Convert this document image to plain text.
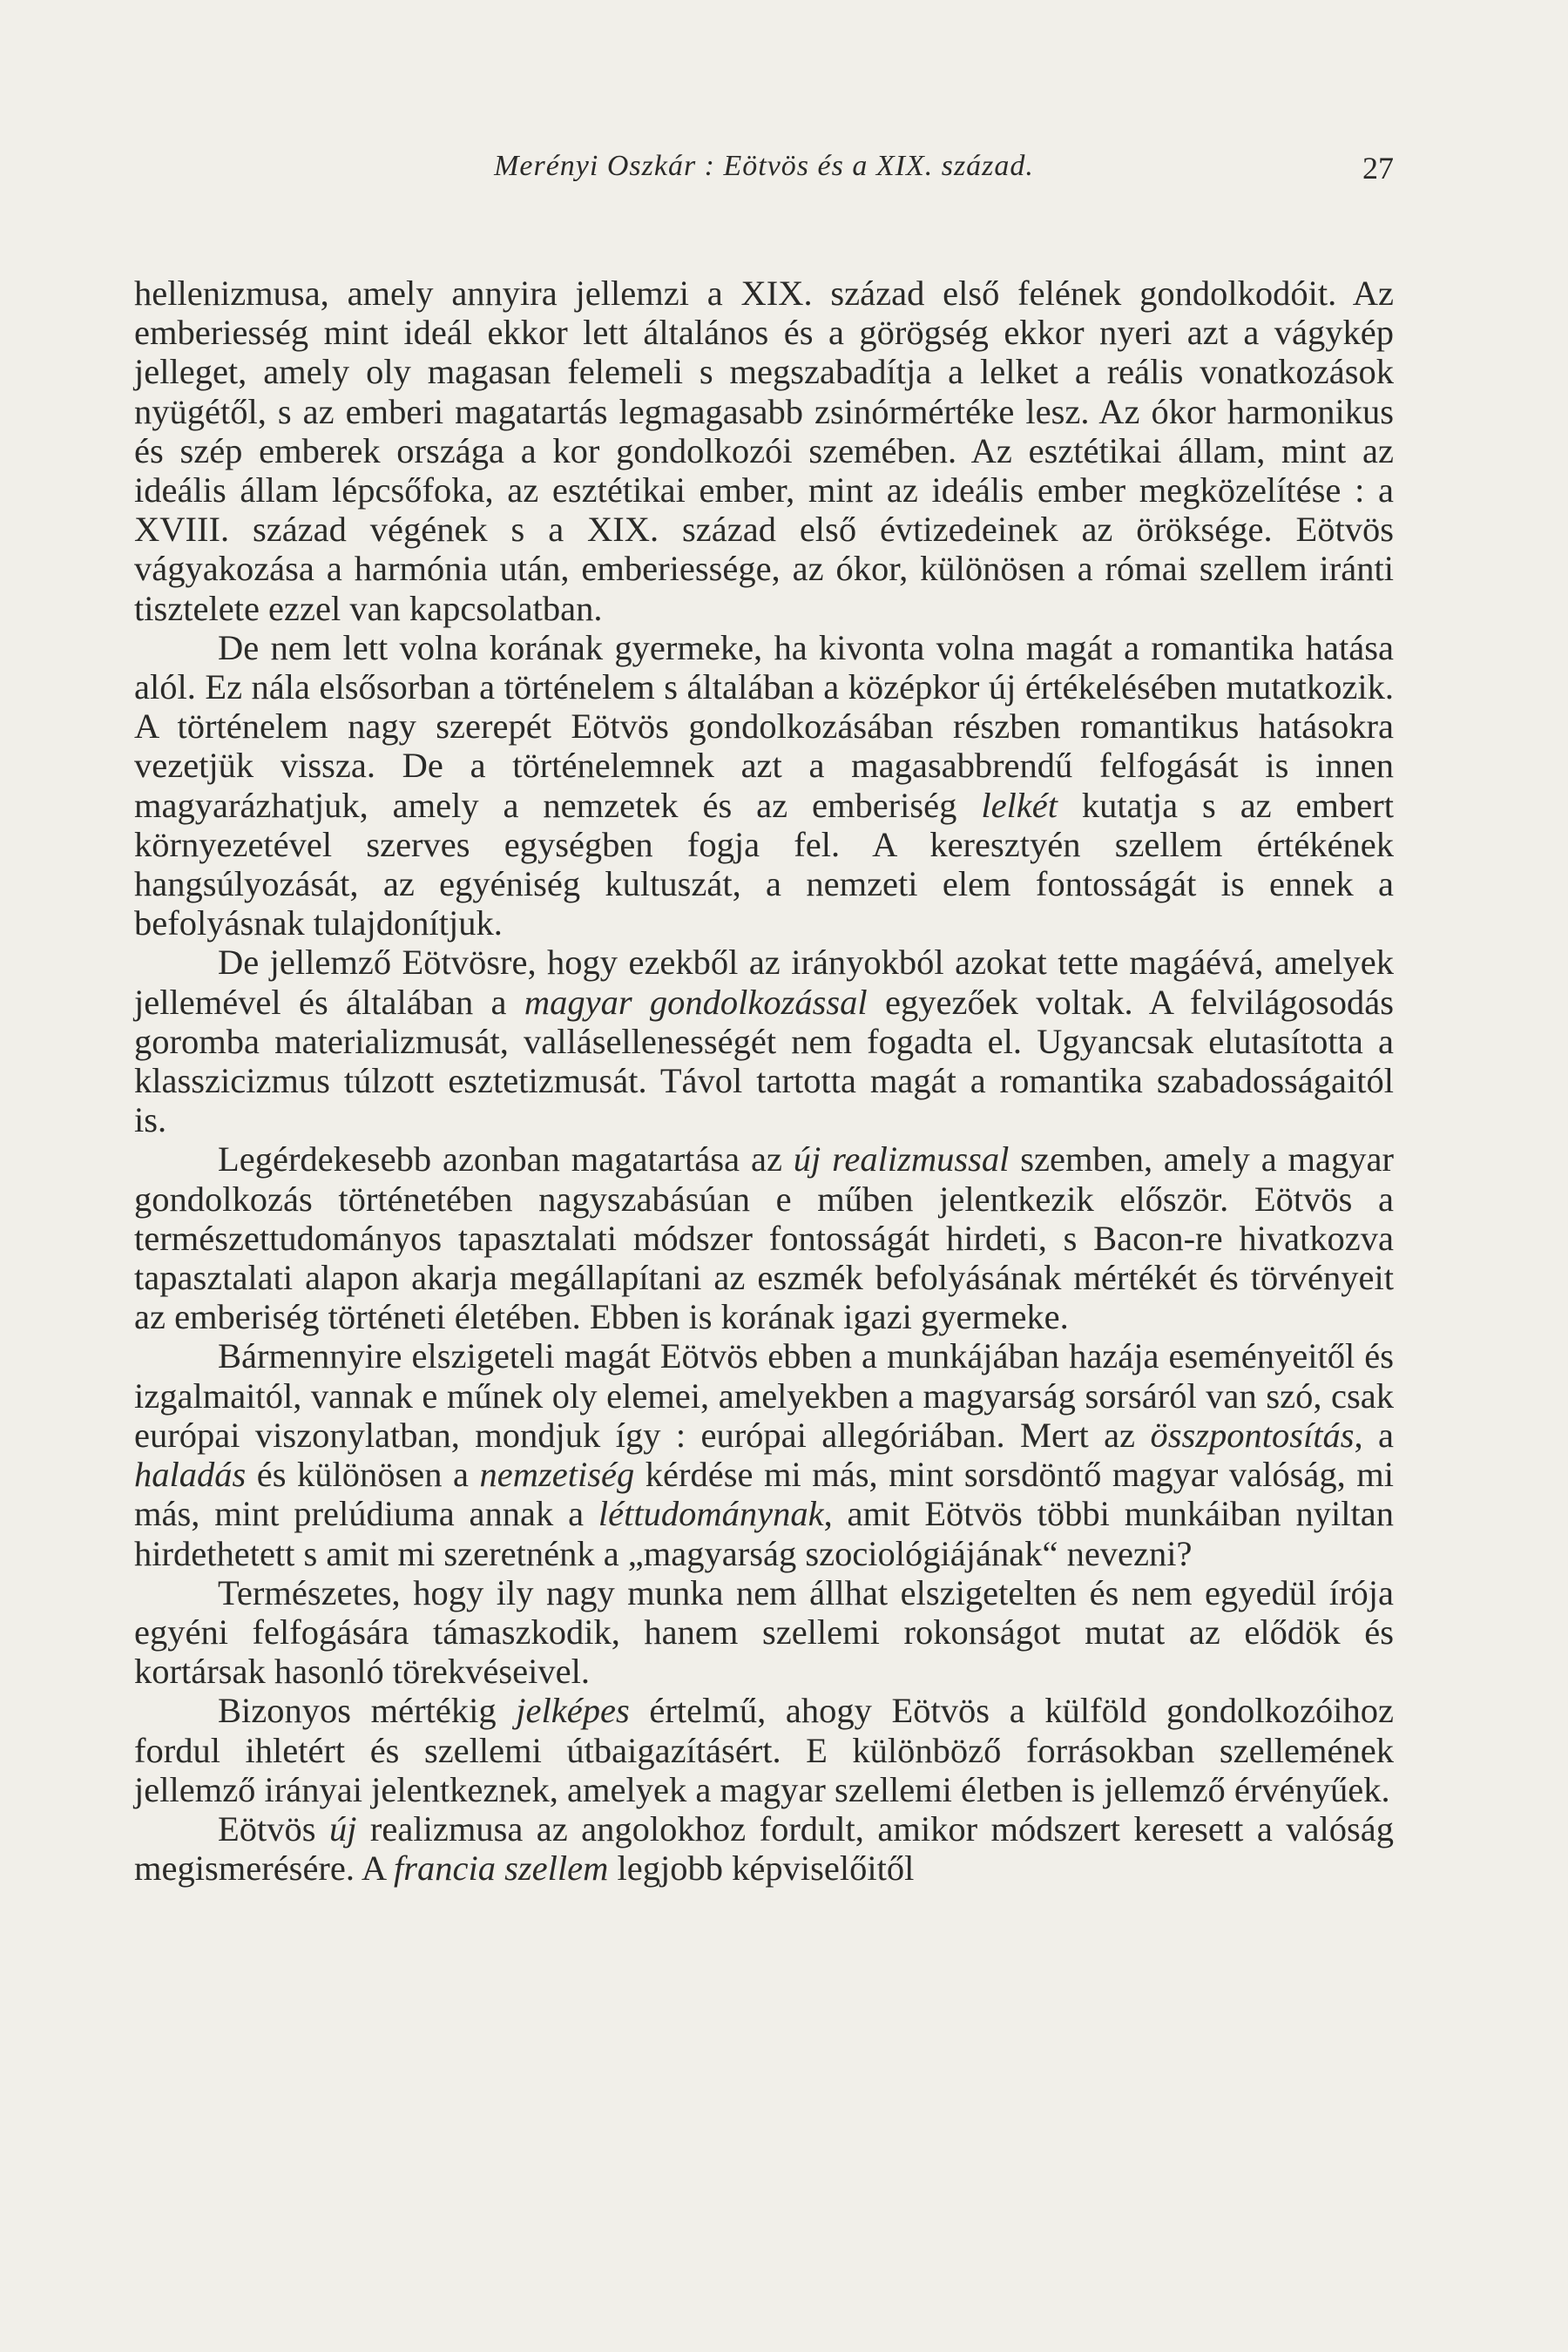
Merényi Oszkár : Eötvös és a XIX. század.	27

hellenizmusa, amely annyira jellemzi a XIX. század első felének gondolkodóit. Az emberiesség mint ideál ekkor lett általános és a görögség ekkor nyeri azt a vágykép jelleget, amely oly magasan felemeli s megszabadítja a lelket a reális vonatkozások nyügétől, s az emberi magatartás legmagasabb zsinórmértéke lesz. Az ókor harmonikus és szép emberek országa a kor gondolkozói szemében. Az esztétikai állam, mint az ideális állam lépcsőfoka, az esztétikai ember, mint az ideális ember megközelítése : a XVIII. század végének s a XIX. század első évtizedeinek az öröksége. Eötvös vágyakozása a harmónia után, emberiessége, az ókor, különösen a római szellem iránti tisztelete ezzel van kapcsolatban.

De nem lett volna korának gyermeke, ha kivonta volna magát a romantika hatása alól. Ez nála elsősorban a történelem s általában a középkor új értékelésében mutatkozik. A történelem nagy szerepét Eötvös gondolkozásában részben romantikus hatásokra vezetjük vissza. De a történelemnek azt a magasabbrendű felfogását is innen magyarázhatjuk, amely a nemzetek és az emberiség lelkét kutatja s az embert környezetével szerves egységben fogja fel. A keresztyén szellem értékének hangsúlyozását, az egyéniség kultuszát, a nemzeti elem fontosságát is ennek a befolyásnak tulajdonítjuk.

De jellemző Eötvösre, hogy ezekből az irányokból azokat tette magáévá, amelyek jellemével és általában a magyar gondolkozással egyezőek voltak. A felvilágosodás goromba materializmusát, vallásellenességét nem fogadta el. Ugyancsak elutasította a klasszicizmus túlzott esztetizmusát. Távol tartotta magát a romantika szabadosságaitól is.

Legérdekesebb azonban magatartása az új realizmussal szemben, amely a magyar gondolkozás történetében nagyszabásúan e műben jelentkezik először. Eötvös a természettudományos tapasztalati módszer fontosságát hirdeti, s Bacon-re hivatkozva tapasztalati alapon akarja megállapítani az eszmék befolyásának mértékét és törvényeit az emberiség történeti életében. Ebben is korának igazi gyermeke.

Bármennyire elszigeteli magát Eötvös ebben a munkájában hazája eseményeitől és izgalmaitól, vannak e műnek oly elemei, amelyekben a magyarság sorsáról van szó, csak európai viszonylatban, mondjuk így : európai allegóriában. Mert az összpontosítás, a haladás és különösen a nemzetiség kérdése mi más, mint sorsdöntő magyar valóság, mi más, mint prelúdiuma annak a léttudománynak, amit Eötvös többi munkáiban nyiltan hirdethetett s amit mi szeretnénk a „magyarság szociológiájának“ nevezni?

Természetes, hogy ily nagy munka nem állhat elszigetelten és nem egyedül írója egyéni felfogására támaszkodik, hanem szellemi rokonságot mutat az elődök és kortársak hasonló törekvéseivel.

Bizonyos mértékig jelképes értelmű, ahogy Eötvös a külföld gondolkozóihoz fordul ihletért és szellemi útbaigazításért. E különböző forrásokban szellemének jellemző irányai jelentkeznek, amelyek a magyar szellemi életben is jellemző érvényűek.

Eötvös új realizmusa az angolokhoz fordult, amikor módszert keresett a valóság megismerésére. A francia szellem legjobb képviselőitől
